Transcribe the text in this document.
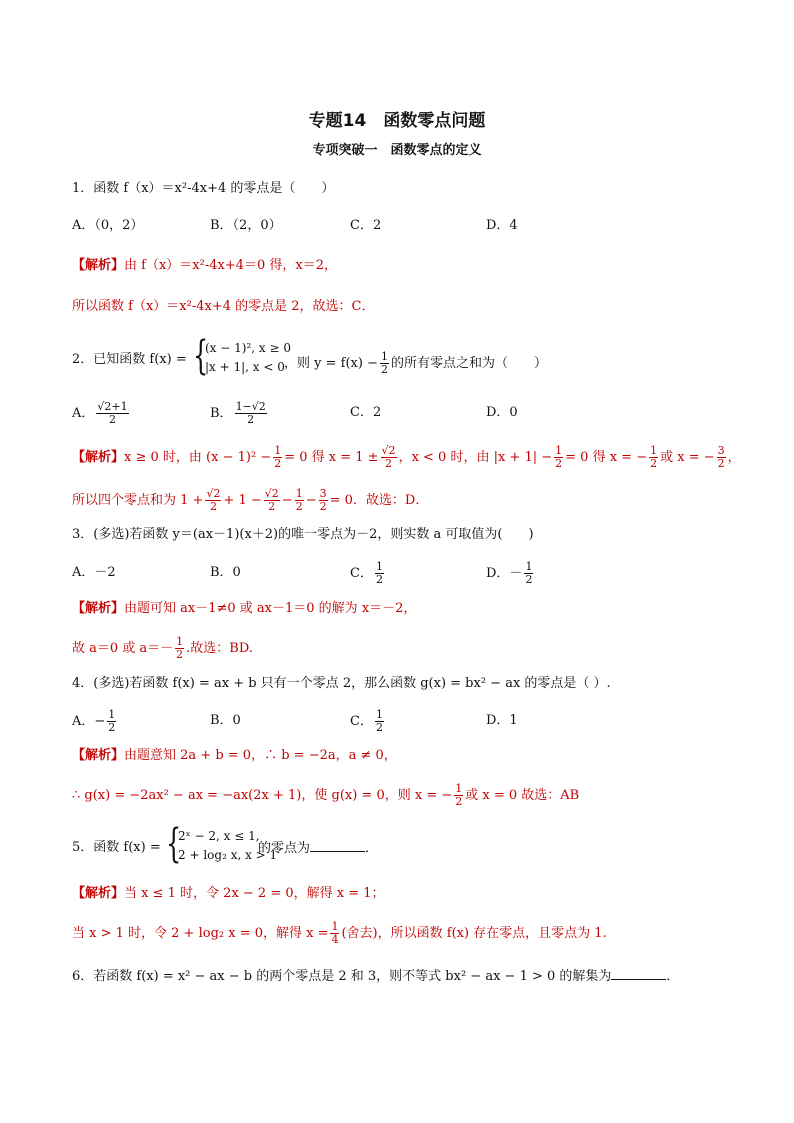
专题14　函数零点问题
专项突破一　函数零点的定义
1．函数 f（x）＝x²-4x+4 的零点是（　　）
A．（0，2）	B．（2，0）	C．2	D．4
【解析】由 f（x）＝x²-4x+4＝0 得，x＝2，
所以函数 f（x）＝x²-4x+4 的零点是 2，故选：C．
2．已知函数 f(x) = {
(x − 1)², x ≥ 0
|x + 1|, x < 0 ，则 $y = f(x) - \frac{1}{2}$ 的所有零点之和为（　　）
A． $\frac{√2+1}{2}$	B． $\frac{1-√2}{2}$	C．2	D．0
【解析】x ≥ 0 时，由 $(x - 1)^2 - \frac{1}{2} = 0$ 得 $x = 1 \pm \frac{√2}{2}$ ，x < 0 时，由 $|x + 1| - \frac{1}{2} = 0$ 得 x = − $\frac{1}{2}$ 或 x = − $\frac{3}{2}$ ，
所以四个零点和为 $1 + \frac{√2}{2} + 1 - \frac{√2}{2} - \frac{1}{2} - \frac{3}{2} = 0$．故选：D．
3．(多选)若函数 y＝(ax－1)(x＋2)的唯一零点为－2，则实数 a 可取值为(　　)
A．－2	B．0	C． $\frac{1}{2}$	D．－ $\frac{1}{2}$
【解析】由题可知 ax－1≠0 或 ax－1＝0 的解为 x＝－2，
故 a＝0 或 $a=- \frac{1}{2}$ .故选：BD.
4．(多选)若函数 f(x) = ax + b 只有一个零点 2，那么函数 g(x) = bx² − ax 的零点是（ ）.
A．− $\frac{1}{2}$	B．0	C． $\frac{1}{2}$	D．1
【解析】由题意知 2a + b = 0，∴ b = −2a，a ≠ 0，
∴ g(x) = −2ax² − ax = −ax(2x + 1)，使 g(x) = 0，则 x = − $\frac{1}{2}$ 或 x = 0 故选：AB
5．函数 f(x) = {
2ˣ − 2, x ≤ 1,
2 + log₂ x, x > 1
的零点为	．
【解析】当 x ≤ 1 时，令 2x − 2 = 0，解得 x = 1；
当 x > 1 时，令 2 + log₂ x = 0，解得 $x = \frac{1}{4}$ (舍去)，所以函数 f(x) 存在零点，且零点为 1.
6．若函数 f(x) = x² − ax − b 的两个零点是 2 和 3，则不等式 bx² − ax − 1 > 0 的解集为	．
